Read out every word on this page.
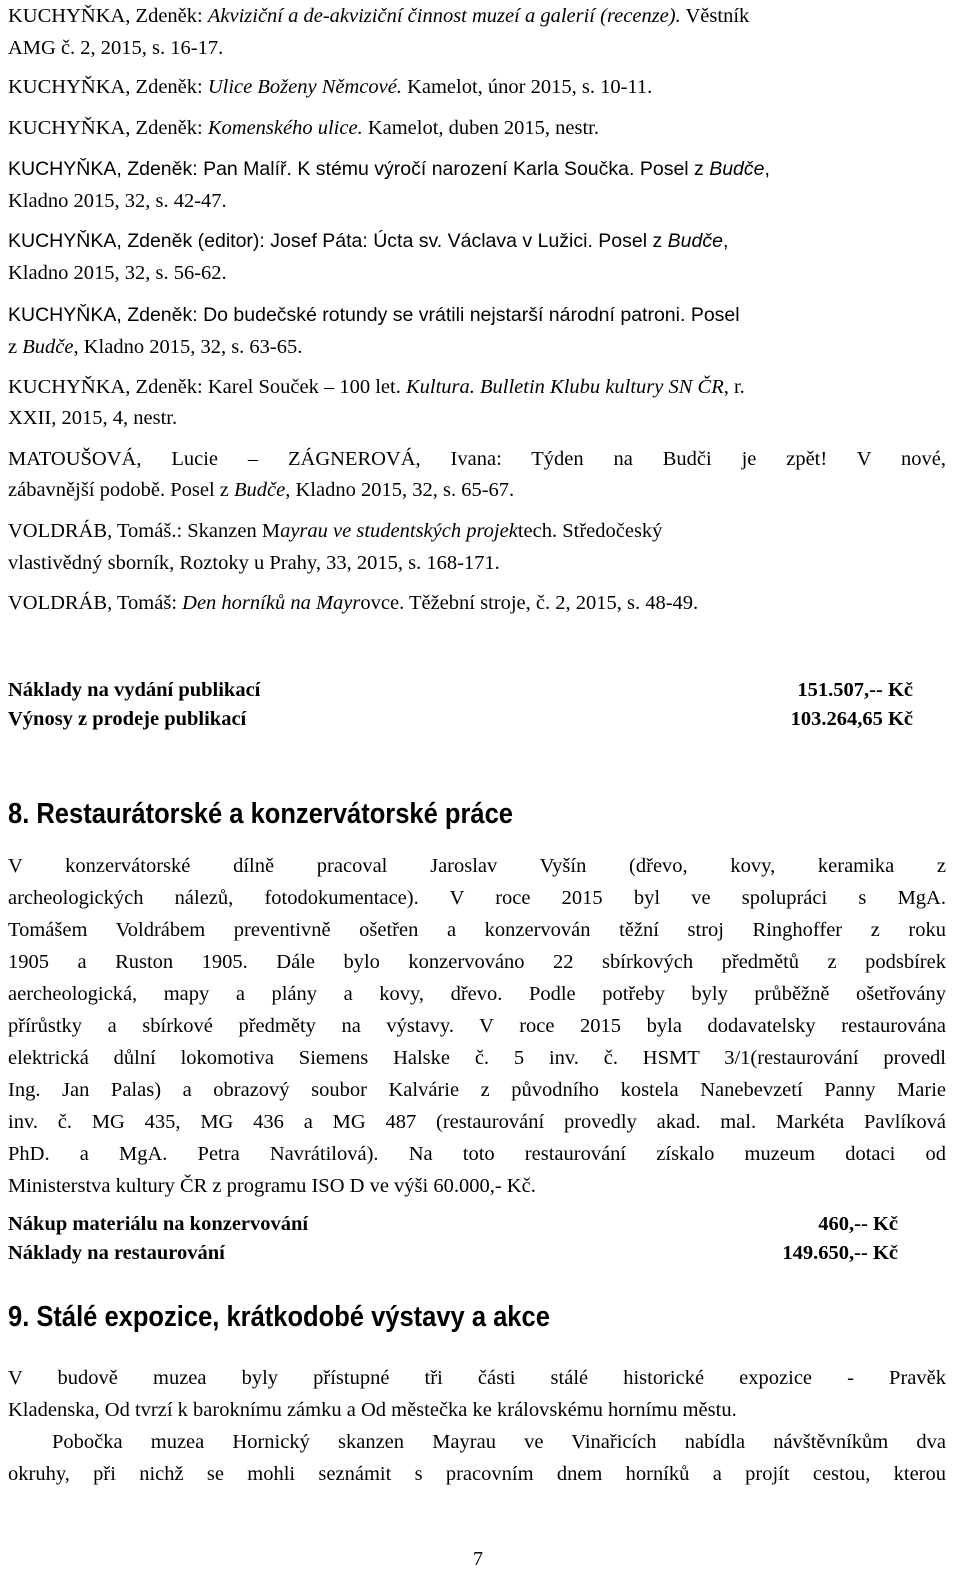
KUCHYŇKA, Zdeněk: Akviziční a de-akviziční činnost muzeí a galerií (recenze). Věstník
AMG č. 2, 2015, s. 16-17.
KUCHYŇKA, Zdeněk: Ulice Boženy Němcové. Kamelot, únor 2015, s. 10-11.
KUCHYŇKA, Zdeněk: Komenského ulice. Kamelot, duben 2015, nestr.
KUCHYŇKA, Zdeněk: Pan Malíř. K stému výročí narození Karla Součka. Posel z Budče,
Kladno 2015, 32, s. 42-47.
KUCHYŇKA, Zdeněk (editor): Josef Páta: Úcta sv. Václava v Lužici. Posel z Budče,
Kladno 2015, 32, s. 56-62.
KUCHYŇKA, Zdeněk: Do budečské rotundy se vrátili nejstarší národní patroni. Posel
z Budče, Kladno 2015, 32, s. 63-65.
KUCHYŇKA, Zdeněk: Karel Souček – 100 let. Kultura. Bulletin Klubu kultury SN ČR, r.
XXII, 2015, 4, nestr.
MATOUŠOVÁ, Lucie – ZÁGNEROVÁ, Ivana: Týden na Budči je zpět! V nové,
zábavnější podobě. Posel z Budče, Kladno 2015, 32, s. 65-67.
VOLDRÁB, Tomáš.: Skanzen Mayrau ve studentských projektech. Středočeský
vlastivědný sborník, Roztoky u Prahy, 33, 2015, s. 168-171.
VOLDRÁB, Tomáš: Den horníků na Mayrovce. Těžební stroje, č. 2, 2015, s. 48-49.
Náklady na vydání publikací	151.507,-- Kč
Výnosy z prodeje publikací	103.264,65 Kč
8. Restaurátorské a konzervátorské práce
V konzervátorské dílně pracoval Jaroslav Vyšín (dřevo, kovy, keramika z
archeologických nálezů, fotodokumentace). V roce 2015 byl ve spolupráci s MgA.
Tomášem Voldrábem preventivně ošetřen a konzervován těžní stroj Ringhoffer z roku
1905 a Ruston 1905. Dále bylo konzervováno 22 sbírkových předmětů z podsbírek
aercheologická, mapy a plány a kovy, dřevo. Podle potřeby byly průběžně ošetřovány
přírůstky a sbírkové předměty na výstavy. V roce 2015 byla dodavatelsky restaurována
elektrická důlní lokomotiva Siemens Halske č. 5 inv. č. HSMT 3/1(restaurování provedl
Ing. Jan Palas) a obrazový soubor Kalvárie z původního kostela Nanebevzetí Panny Marie
inv. č. MG 435, MG 436 a MG 487 (restaurování provedly akad. mal. Markéta Pavlíková
PhD. a MgA. Petra Navrátilová). Na toto restaurování získalo muzeum dotaci od
Ministerstva kultury ČR z programu ISO D ve výši 60.000,- Kč.
Nákup materiálu na konzervování	460,-- Kč
Náklady na restaurování	149.650,-- Kč
9. Stálé expozice, krátkodobé výstavy a akce
V budově muzea byly přístupné tři části stálé historické expozice - Pravěk
Kladenska, Od tvrzí k baroknímu zámku a Od městečka ke královskému hornímu městu.
Pobočka muzea Hornický skanzen Mayrau ve Vinařicích nabídla návštěvníkům dva
okruhy, při nichž se mohli seznámit s pracovním dnem horníků a projít cestou, kterou
7
